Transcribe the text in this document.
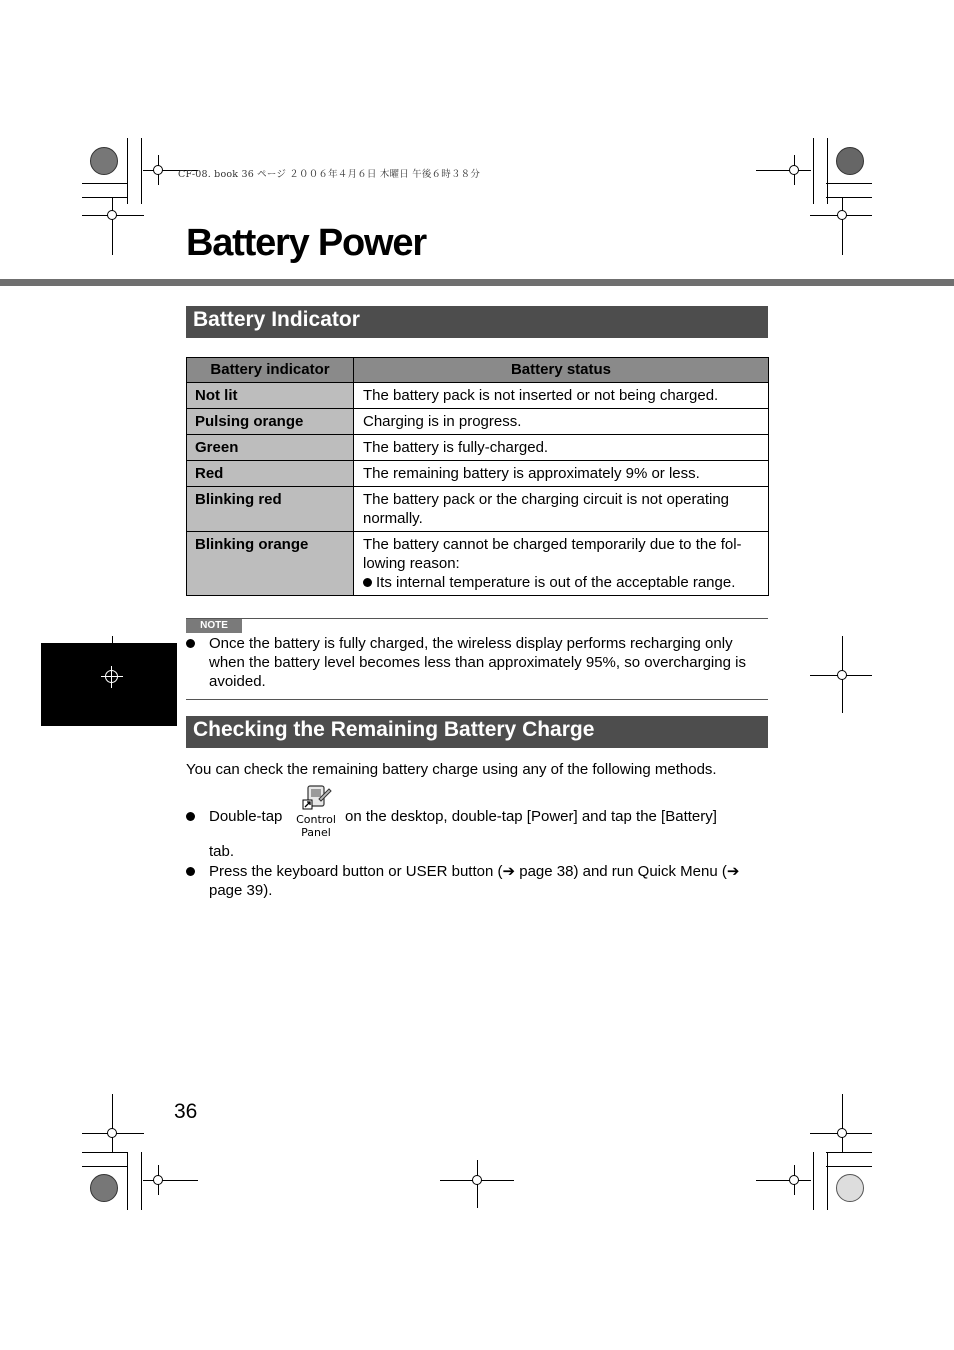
CF-08. book 36 ページ ２００６年４月６日 木曜日 午後６時３８分
Battery Power
Battery Indicator
Battery indicator	Battery status
Not lit	The battery pack is not inserted or not being charged.
Pulsing orange	Charging is in progress.
Green	The battery is fully-charged.
Red	The remaining battery is approximately 9% or less.
Blinking red	The battery pack or the charging circuit is not operating normally.
Blinking orange	The battery cannot be charged temporarily due to the fol-lowing reason:
Its internal temperature is out of the acceptable range.
NOTE
Once the battery is fully charged, the wireless display performs recharging only when the battery level becomes less than approximately 95%, so overcharging is avoided.
Checking the Remaining Battery Charge
You can check the remaining battery charge using any of the following methods.
Double-tap	Control
Panel
on the desktop, double-tap [Power] and tap the [Battery]
tab.
Press the keyboard button or USER button (➔ page 38) and run Quick Menu (➔ page 39).
36
